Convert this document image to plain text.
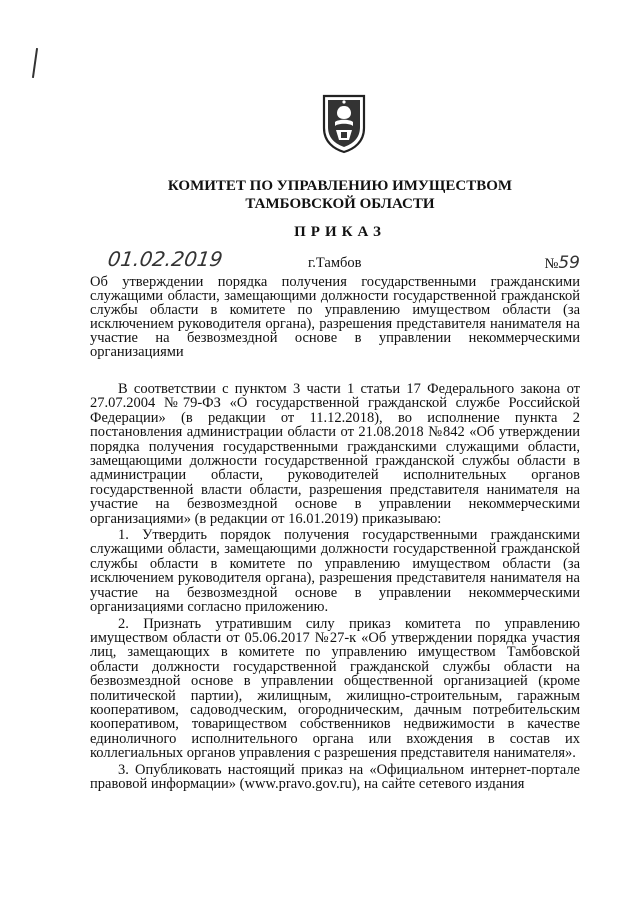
КОМИТЕТ ПО УПРАВЛЕНИЮ ИМУЩЕСТВОМ
ТАМБОВСКОЙ ОБЛАСТИ
ПРИКАЗ
01.02.2019	г.Тамбов	№59
Об утверждении порядка получения государственными гражданскими служащими области, замещающими должности государственной гражданской службы области в комитете по управлению имуществом области (за исключением руководителя органа), разрешения представителя нанимателя на участие на безвозмездной основе в управлении некоммерческими организациями

В соответствии с пунктом 3 части 1 статьи 17 Федерального закона от 27.07.2004 №79-ФЗ «О государственной гражданской службе Российской Федерации» (в редакции от 11.12.2018), во исполнение пункта 2 постановления администрации области от 21.08.2018 №842 «Об утверждении порядка получения государственными гражданскими служащими области, замещающими должности государственной гражданской службы области в администрации области, руководителей исполнительных органов государственной власти области, разрешения представителя нанимателя на участие на безвозмездной основе в управлении некоммерческими организациями» (в редакции от 16.01.2019) приказываю:

1. Утвердить порядок получения государственными гражданскими служащими области, замещающими должности государственной гражданской службы области в комитете по управлению имуществом области (за исключением руководителя органа), разрешения представителя нанимателя на участие на безвозмездной основе в управлении некоммерческими организациями согласно приложению.

2. Признать утратившим силу приказ комитета по управлению имуществом области от 05.06.2017 №27-к «Об утверждении порядка участия лиц, замещающих в комитете по управлению имуществом Тамбовской области должности государственной гражданской службы области на безвозмездной основе в управлении общественной организацией (кроме политической партии), жилищным, жилищно-строительным, гаражным кооперативом, садоводческим, огородническим, дачным потребительским кооперативом, товариществом собственников недвижимости в качестве единоличного исполнительного органа или вхождения в состав их коллегиальных органов управления с разрешения представителя нанимателя».

3. Опубликовать настоящий приказ на «Официальном интернет-портале правовой информации» (www.pravo.gov.ru), на сайте сетевого издания
